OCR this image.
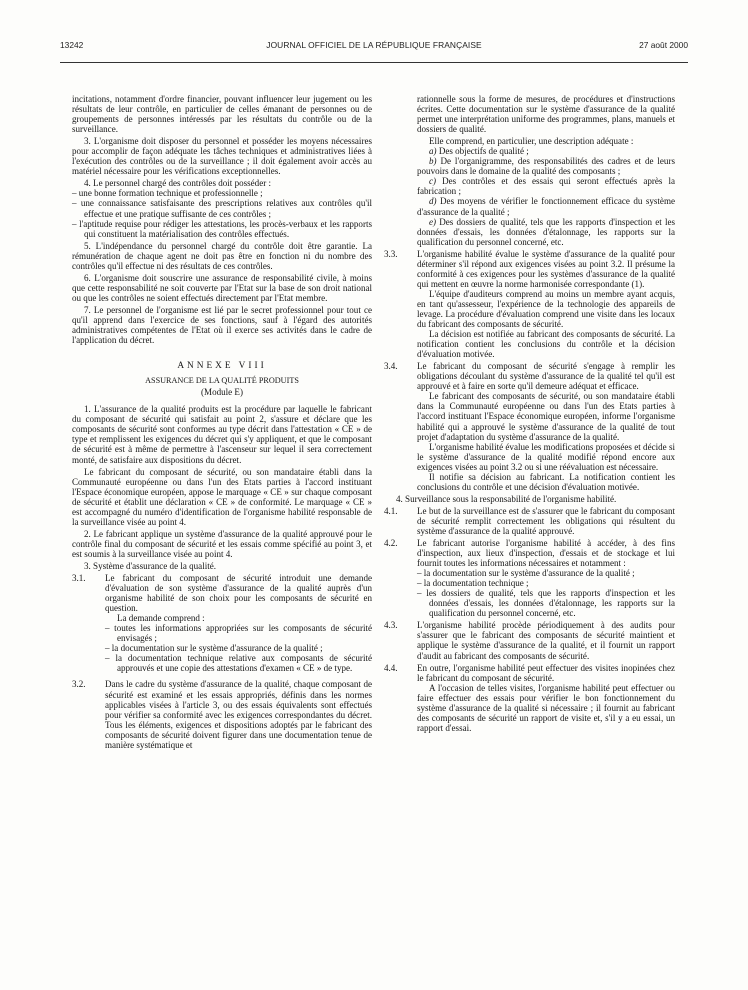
13242	JOURNAL OFFICIEL DE LA RÉPUBLIQUE FRANÇAISE	27 août 2000

incitations, notamment d'ordre financier, pouvant influencer leur jugement ou les résultats de leur contrôle, en particulier de celles émanant de personnes ou de groupements de personnes intéressés par les résultats du contrôle ou de la surveillance.

3. L'organisme doit disposer du personnel et posséder les moyens nécessaires pour accomplir de façon adéquate les tâches techniques et administratives liées à l'exécution des contrôles ou de la surveillance ; il doit également avoir accès au matériel nécessaire pour les vérifications exceptionnelles.

4. Le personnel chargé des contrôles doit posséder :

– une bonne formation technique et professionnelle ;

– une connaissance satisfaisante des prescriptions relatives aux contrôles qu'il effectue et une pratique suffisante de ces contrôles ;

– l'aptitude requise pour rédiger les attestations, les procès-verbaux et les rapports qui constituent la matérialisation des contrôles effectués.

5. L'indépendance du personnel chargé du contrôle doit être garantie. La rémunération de chaque agent ne doit pas être en fonction ni du nombre des contrôles qu'il effectue ni des résultats de ces contrôles.

6. L'organisme doit souscrire une assurance de responsabilité civile, à moins que cette responsabilité ne soit couverte par l'Etat sur la base de son droit national ou que les contrôles ne soient effectués directement par l'Etat membre.

7. Le personnel de l'organisme est lié par le secret professionnel pour tout ce qu'il apprend dans l'exercice de ses fonctions, sauf à l'égard des autorités administratives compétentes de l'Etat où il exerce ses activités dans le cadre de l'application du décret.

ANNEXE VIII
ASSURANCE DE LA QUALITÉ PRODUITS
(Module E)

1. L'assurance de la qualité produits est la procédure par laquelle le fabricant du composant de sécurité qui satisfait au point 2, s'assure et déclare que les composants de sécurité sont conformes au type décrit dans l'attestation « CE » de type et remplissent les exigences du décret qui s'y appliquent, et que le composant de sécurité est à même de permettre à l'ascenseur sur lequel il sera correctement monté, de satisfaire aux dispositions du décret.

Le fabricant du composant de sécurité, ou son mandataire établi dans la Communauté européenne ou dans l'un des Etats parties à l'accord instituant l'Espace économique européen, appose le marquage « CE » sur chaque composant de sécurité et établit une déclaration « CE » de conformité. Le marquage « CE » est accompagné du numéro d'identification de l'organisme habilité responsable de la surveillance visée au point 4.

2. Le fabricant applique un système d'assurance de la qualité approuvé pour le contrôle final du composant de sécurité et les essais comme spécifié au point 3, et est soumis à la surveillance visée au point 4.

3. Système d'assurance de la qualité.

3.1. Le fabricant du composant de sécurité introduit une demande d'évaluation de son système d'assurance de la qualité auprès d'un organisme habilité de son choix pour les composants de sécurité en question.

La demande comprend :

– toutes les informations appropriées sur les composants de sécurité envisagés ;

– la documentation sur le système d'assurance de la qualité ;

– la documentation technique relative aux composants de sécurité approuvés et une copie des attestations d'examen « CE » de type.

3.2. Dans le cadre du système d'assurance de la qualité, chaque composant de sécurité est examiné et les essais appropriés, définis dans les normes applicables visées à l'article 3, ou des essais équivalents sont effectués pour vérifier sa conformité avec les exigences correspondantes du décret. Tous les éléments, exigences et dispositions adoptés par le fabricant des composants de sécurité doivent figurer dans une documentation tenue de manière systématique et

rationnelle sous la forme de mesures, de procédures et d'instructions écrites. Cette documentation sur le système d'assurance de la qualité permet une interprétation uniforme des programmes, plans, manuels et dossiers de qualité.

Elle comprend, en particulier, une description adéquate :

a) Des objectifs de qualité ;

b) De l'organigramme, des responsabilités des cadres et de leurs pouvoirs dans le domaine de la qualité des composants ;

c) Des contrôles et des essais qui seront effectués après la fabrication ;

d) Des moyens de vérifier le fonctionnement efficace du système d'assurance de la qualité ;

e) Des dossiers de qualité, tels que les rapports d'inspection et les données d'essais, les données d'étalonnage, les rapports sur la qualification du personnel concerné, etc.

3.3. L'organisme habilité évalue le système d'assurance de la qualité pour déterminer s'il répond aux exigences visées au point 3.2. Il présume la conformité à ces exigences pour les systèmes d'assurance de la qualité qui mettent en œuvre la norme harmonisée correspondante (1).

L'équipe d'auditeurs comprend au moins un membre ayant acquis, en tant qu'assesseur, l'expérience de la technologie des appareils de levage. La procédure d'évaluation comprend une visite dans les locaux du fabricant des composants de sécurité.

La décision est notifiée au fabricant des composants de sécurité. La notification contient les conclusions du contrôle et la décision d'évaluation motivée.

3.4. Le fabricant du composant de sécurité s'engage à remplir les obligations découlant du système d'assurance de la qualité tel qu'il est approuvé et à faire en sorte qu'il demeure adéquat et efficace.

Le fabricant des composants de sécurité, ou son mandataire établi dans la Communauté européenne ou dans l'un des Etats parties à l'accord instituant l'Espace économique européen, informe l'organisme habilité qui a approuvé le système d'assurance de la qualité de tout projet d'adaptation du système d'assurance de la qualité.

L'organisme habilité évalue les modifications proposées et décide si le système d'assurance de la qualité modifié répond encore aux exigences visées au point 3.2 ou si une réévaluation est nécessaire.

Il notifie sa décision au fabricant. La notification contient les conclusions du contrôle et une décision d'évaluation motivée.

4. Surveillance sous la responsabilité de l'organisme habilité.

4.1. Le but de la surveillance est de s'assurer que le fabricant du composant de sécurité remplit correctement les obligations qui résultent du système d'assurance de la qualité approuvé.
4.2. Le fabricant autorise l'organisme habilité à accéder, à des fins d'inspection, aux lieux d'inspection, d'essais et de stockage et lui fournit toutes les informations nécessaires et notamment :

– la documentation sur le système d'assurance de la qualité ;

– la documentation technique ;

– les dossiers de qualité, tels que les rapports d'inspection et les données d'essais, les données d'étalonnage, les rapports sur la qualification du personnel concerné, etc.

4.3. L'organisme habilité procède périodiquement à des audits pour s'assurer que le fabricant des composants de sécurité maintient et applique le système d'assurance de la qualité, et il fournit un rapport d'audit au fabricant des composants de sécurité.
4.4. En outre, l'organisme habilité peut effectuer des visites inopinées chez le fabricant du composant de sécurité.

A l'occasion de telles visites, l'organisme habilité peut effectuer ou faire effectuer des essais pour vérifier le bon fonctionnement du système d'assurance de la qualité si nécessaire ; il fournit au fabricant des composants de sécurité un rapport de visite et, s'il y a eu essai, un rapport d'essai.
